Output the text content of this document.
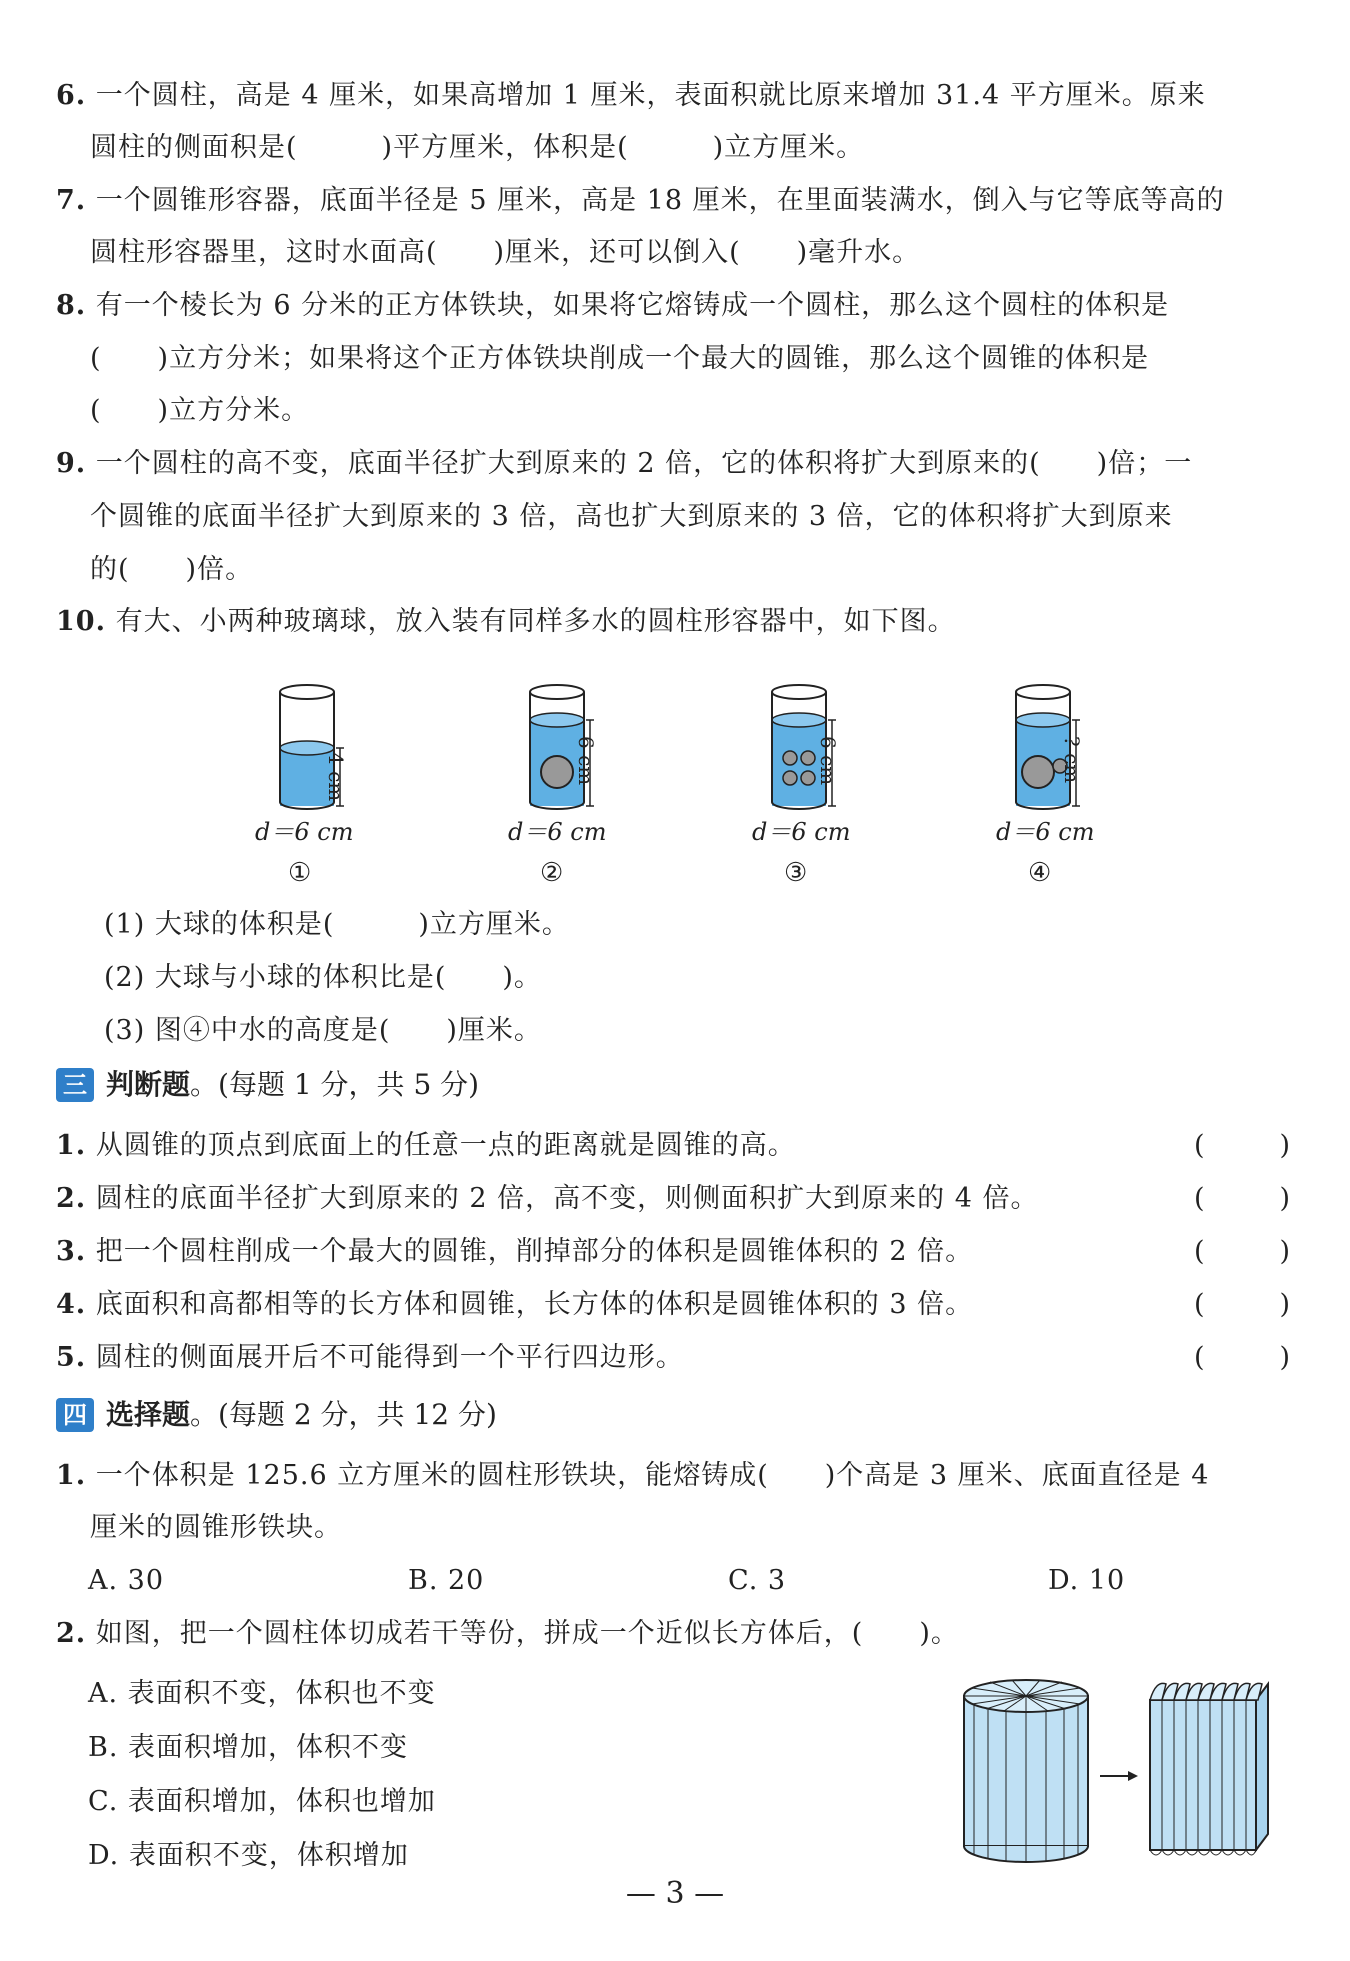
6. 一个圆柱，高是 4 厘米，如果高增加 1 厘米，表面积就比原来增加 31.4 平方厘米。原来
圆柱的侧面积是(　　　)平方厘米，体积是(　　　)立方厘米。
7. 一个圆锥形容器，底面半径是 5 厘米，高是 18 厘米，在里面装满水，倒入与它等底等高的
圆柱形容器里，这时水面高(　　)厘米，还可以倒入(　　)毫升水。
8. 有一个棱长为 6 分米的正方体铁块，如果将它熔铸成一个圆柱，那么这个圆柱的体积是
(　　)立方分米；如果将这个正方体铁块削成一个最大的圆锥，那么这个圆锥的体积是
(　　)立方分米。
9. 一个圆柱的高不变，底面半径扩大到原来的 2 倍，它的体积将扩大到原来的(　　)倍；一
个圆锥的底面半径扩大到原来的 3 倍，高也扩大到原来的 3 倍，它的体积将扩大到原来
的(　　)倍。
10. 有大、小两种玻璃球，放入装有同样多水的圆柱形容器中，如下图。
4 cm	6 cm	6 cm	? cm
d＝6 cm	d＝6 cm	d＝6 cm	d＝6 cm
①	②	③	④
(1) 大球的体积是(　　　)立方厘米。
(2) 大球与小球的体积比是(　　)。
(3) 图④中水的高度是(　　)厘米。
三 判断题 。(每题 1 分，共 5 分)
1. 从圆锥的顶点到底面上的任意一点的距离就是圆锥的高。	(	)
2. 圆柱的底面半径扩大到原来的 2 倍，高不变，则侧面积扩大到原来的 4 倍。	(	)
3. 把一个圆柱削成一个最大的圆锥，削掉部分的体积是圆锥体积的 2 倍。	(	)
4. 底面积和高都相等的长方体和圆锥，长方体的体积是圆锥体积的 3 倍。	(	)
5. 圆柱的侧面展开后不可能得到一个平行四边形。	(	)
四 选择题 。(每题 2 分，共 12 分)
1. 一个体积是 125.6 立方厘米的圆柱形铁块，能熔铸成(　　)个高是 3 厘米、底面直径是 4
厘米的圆锥形铁块。
A. 30	B. 20	C. 3	D. 10
2. 如图，把一个圆柱体切成若干等份，拼成一个近似长方体后，(　　)。
A. 表面积不变，体积也不变
B. 表面积增加，体积不变
C. 表面积增加，体积也增加
D. 表面积不变，体积增加
— 3 —
